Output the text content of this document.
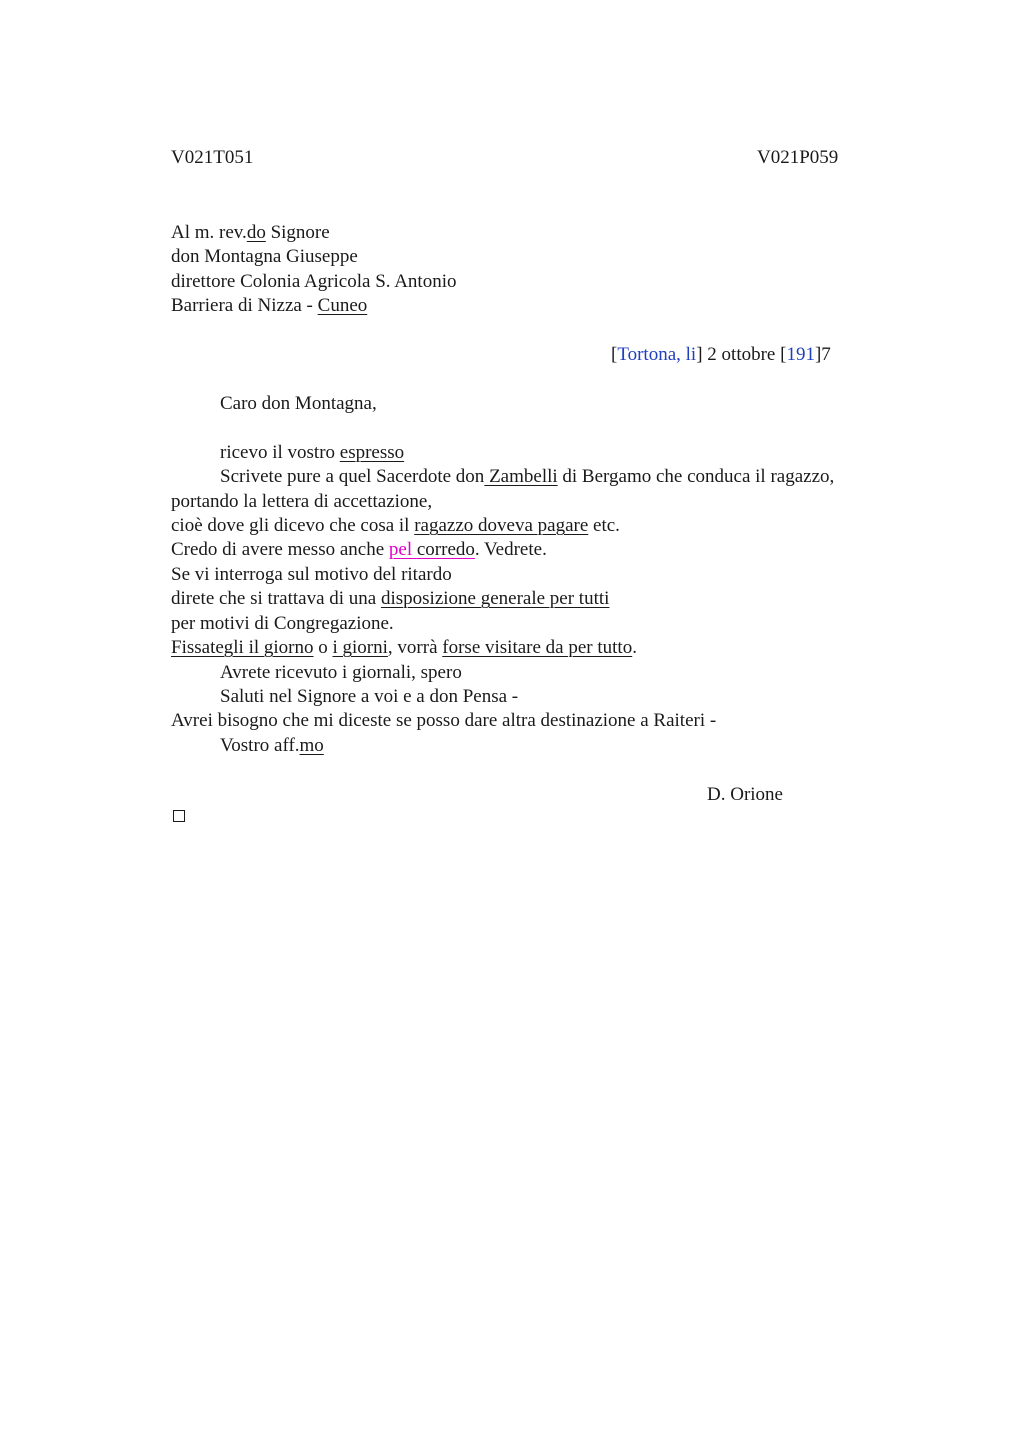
V021T051	V021P059
Al m. rev.do Signore
don Montagna Giuseppe
direttore Colonia Agricola S. Antonio
Barriera di Nizza - Cuneo
[Tortona, li] 2 ottobre [191]7
Caro don Montagna,
ricevo il vostro espresso
Scrivete pure a quel Sacerdote don Zambelli di Bergamo che conduca il ragazzo,
portando la lettera di accettazione,
cioè dove gli dicevo che cosa il ragazzo doveva pagare etc.
Credo di avere messo anche pel corredo. Vedrete.
Se vi interroga sul motivo del ritardo
direte che si trattava di una disposizione generale per tutti
per motivi di Congregazione.
Fissategli il giorno o i giorni, vorrà forse visitare da per tutto.
Avrete ricevuto i giornali, spero
Saluti nel Signore a voi e a don Pensa -
Avrei bisogno che mi diceste se posso dare altra destinazione a Raiteri -
Vostro aff.mo
D. Orione
